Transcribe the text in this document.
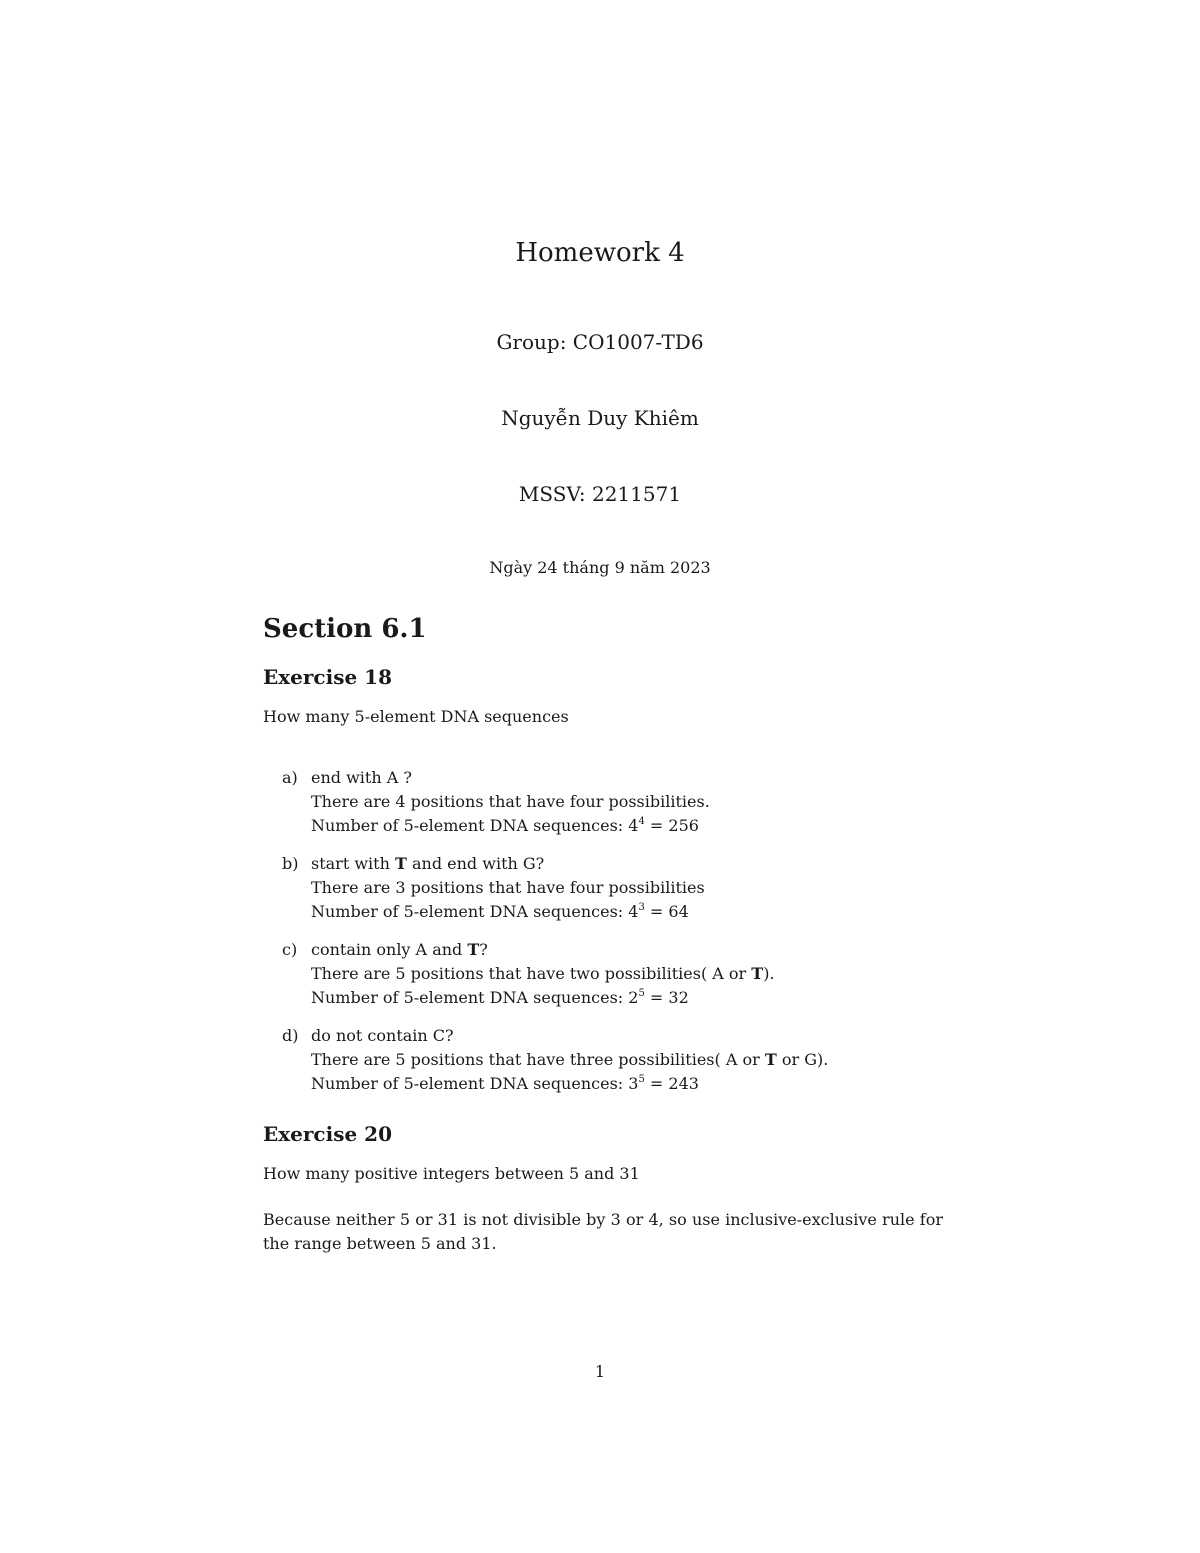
Homework 4
Group: CO1007-TD6
Nguyễn Duy Khiêm
MSSV: 2211571
Ngày 24 tháng 9 năm 2023
Section 6.1
Exercise 18

How many 5-element DNA sequences

a) end with A ?
There are 4 positions that have four possibilities.
Number of 5-element DNA sequences: $4^4 = 256$
b) start with T and end with G?
There are 3 positions that have four possibilities
Number of 5-element DNA sequences: $4^3 = 64$
c) contain only A and T?
There are 5 positions that have two possibilities( A or T).
Number of 5-element DNA sequences: $2^5 = 32$
d) do not contain C?
There are 5 positions that have three possibilities( A or T or G).
Number of 5-element DNA sequences: $3^5 = 243$
Exercise 20

How many positive integers between 5 and 31

Because neither 5 or 31 is not divisible by 3 or 4, so use inclusive-exclusive rule for the range between 5 and 31.

1
